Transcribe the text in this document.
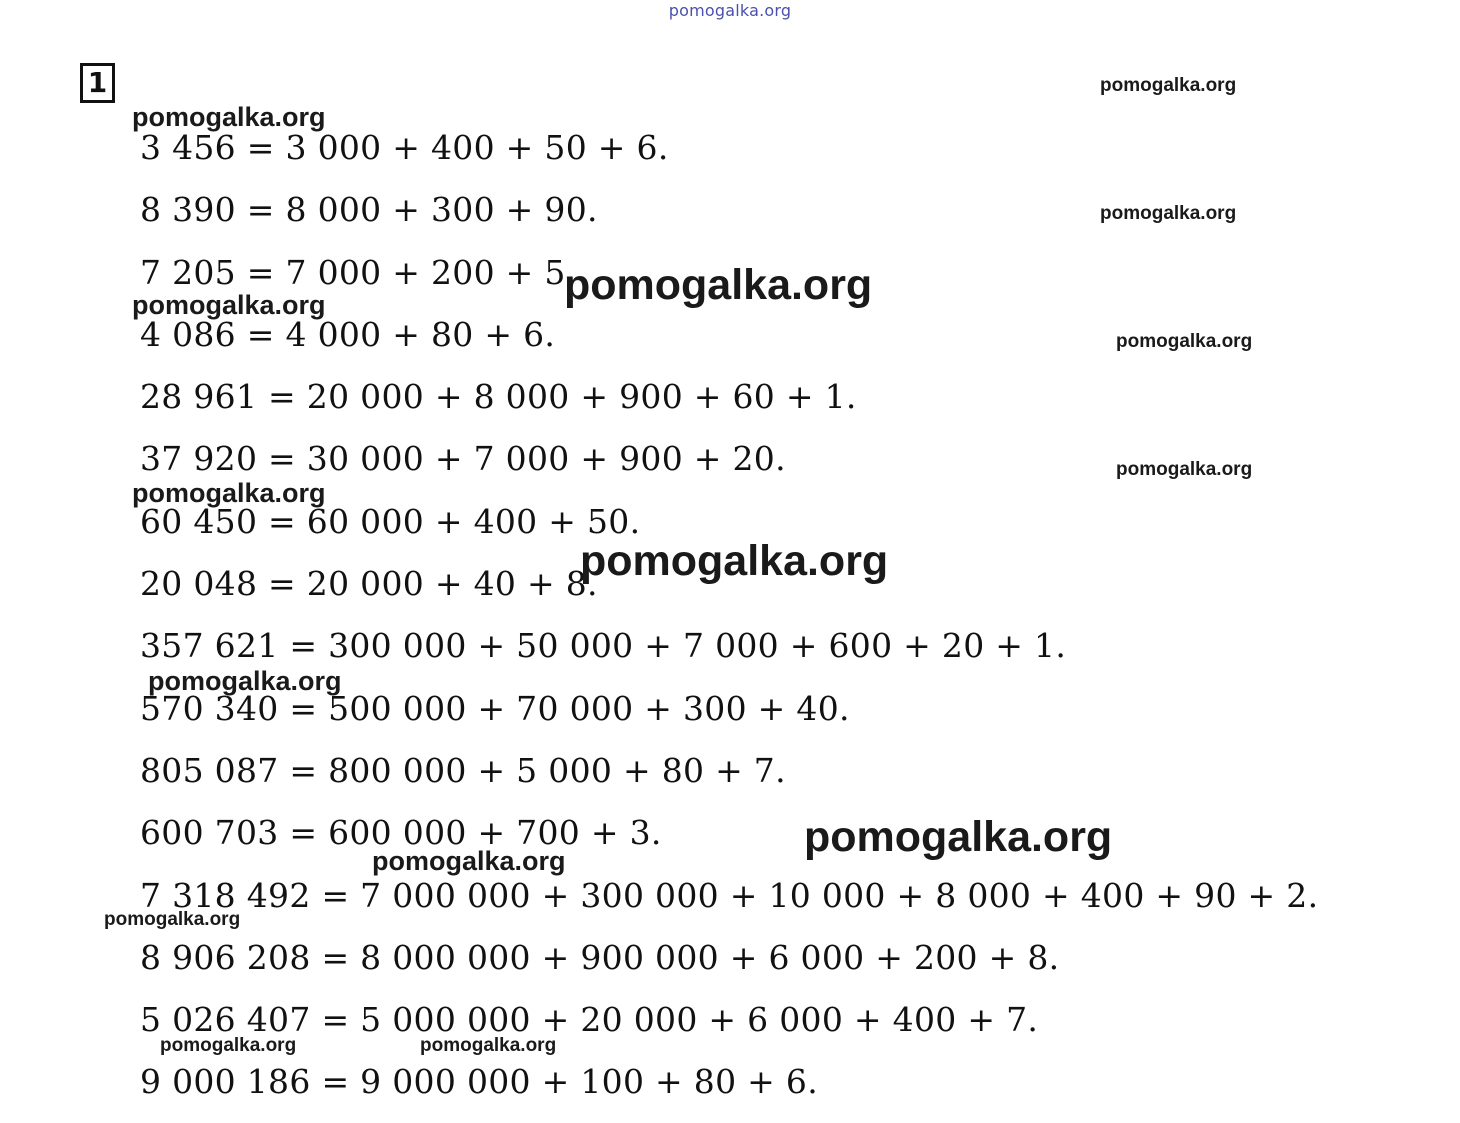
pomogalka.org
1
3 456 = 3 000 + 400 + 50 + 6.
8 390 = 8 000 + 300 + 90.
7 205 = 7 000 + 200 + 5.
4 086 = 4 000 + 80 + 6.
28 961 = 20 000 + 8 000 + 900 + 60 + 1.
37 920 = 30 000 + 7 000 + 900 + 20.
60 450 = 60 000 + 400 + 50.
20 048 = 20 000 + 40 + 8.
357 621 = 300 000 + 50 000 + 7 000 + 600 + 20 + 1.
570 340 = 500 000 + 70 000 + 300 + 40.
805 087 = 800 000 + 5 000 + 80 + 7.
600 703 = 600 000 + 700 + 3.
7 318 492 = 7 000 000 + 300 000 + 10 000 + 8 000 + 400 + 90 + 2.
8 906 208 = 8 000 000 + 900 000 + 6 000 + 200 + 8.
5 026 407 = 5 000 000 + 20 000 + 6 000 + 400 + 7.
9 000 186 = 9 000 000 + 100 + 80 + 6.
pomogalka.org
pomogalka.org
pomogalka.org
pomogalka.org
pomogalka.org
pomogalka.org
pomogalka.org
pomogalka.org
pomogalka.org
pomogalka.org
pomogalka.org
pomogalka.org
pomogalka.org
pomogalka.org	pomogalka.org
